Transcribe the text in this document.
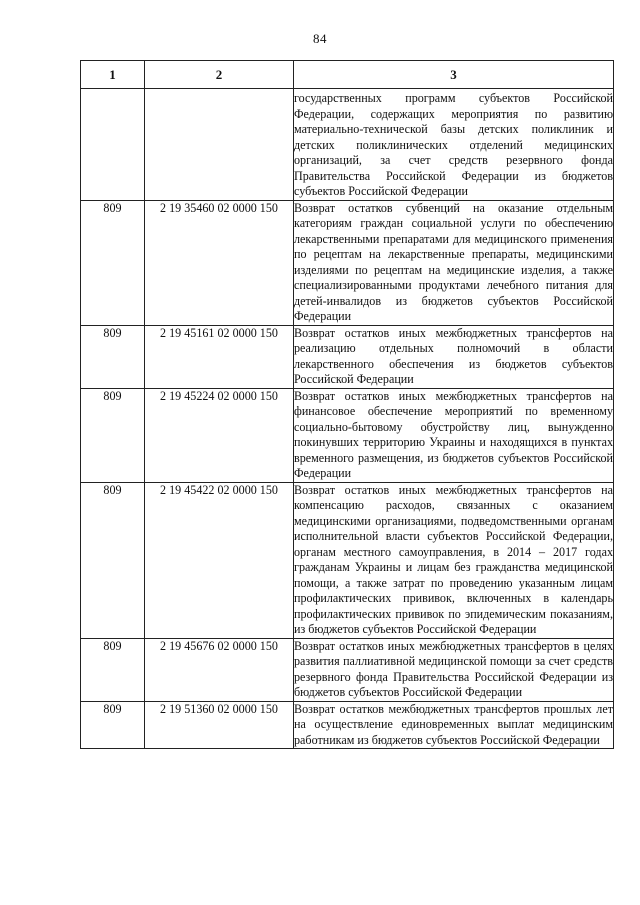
84
1	2	3
		государственных программ субъектов Российской Федерации, содержащих мероприятия по развитию материально-технической базы детских поликлиник и детских поликлинических отделений медицинских организаций, за счет средств резервного фонда Правительства Российской Федерации из бюджетов субъектов Российской Федерации
809	2 19 35460 02 0000 150	Возврат остатков субвенций на оказание отдельным категориям граждан социальной услуги по обеспечению лекарственными препаратами для медицинского применения по рецептам на лекарственные препараты, медицинскими изделиями по рецептам на медицинские изделия, а также специализированными продуктами лечебного питания для детей-инвалидов из бюджетов субъектов Российской Федерации
809	2 19 45161 02 0000 150	Возврат остатков иных межбюджетных трансфертов на реализацию отдельных полномочий в области лекарственного обеспечения из бюджетов субъектов Российской Федерации
809	2 19 45224 02 0000 150	Возврат остатков иных межбюджетных трансфертов на финансовое обеспечение мероприятий по временному социально-бытовому обустройству лиц, вынужденно покинувших территорию Украины и находящихся в пунктах временного размещения, из бюджетов субъектов Российской Федерации
809	2 19 45422 02 0000 150	Возврат остатков иных межбюджетных трансфертов на компенсацию расходов, связанных с оказанием медицинскими организациями, подведомственными органам исполнительной власти субъектов Российской Федерации, органам местного самоуправления, в 2014 – 2017 годах гражданам Украины и лицам без гражданства медицинской помощи, а также затрат по проведению указанным лицам профилактических прививок, включенных в календарь профилактических прививок по эпидемическим показаниям, из бюджетов субъектов Российской Федерации
809	2 19 45676 02 0000 150	Возврат остатков иных межбюджетных трансфертов в целях развития паллиативной медицинской помощи за счет средств резервного фонда Правительства Российской Федерации из бюджетов субъектов Российской Федерации
809	2 19 51360 02 0000 150	Возврат остатков межбюджетных трансфертов прошлых лет на осуществление единовременных выплат медицинским работникам из бюджетов субъектов Российской Федерации
